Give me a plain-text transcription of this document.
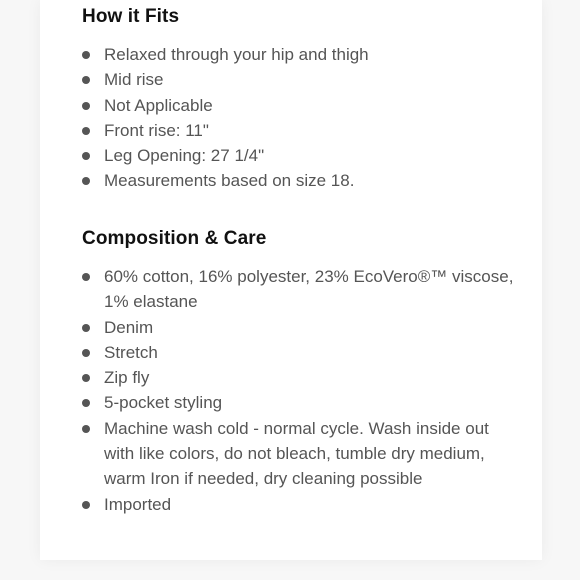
How it Fits
Relaxed through your hip and thigh
Mid rise
Not Applicable
Front rise: 11"
Leg Opening: 27 1/4"
Measurements based on size 18.
Composition & Care
60% cotton, 16% polyester, 23% EcoVero®™ viscose, 1% elastane
Denim
Stretch
Zip fly
5-pocket styling
Machine wash cold - normal cycle. Wash inside out with like colors, do not bleach, tumble dry medium, warm Iron if needed, dry cleaning possible
Imported
